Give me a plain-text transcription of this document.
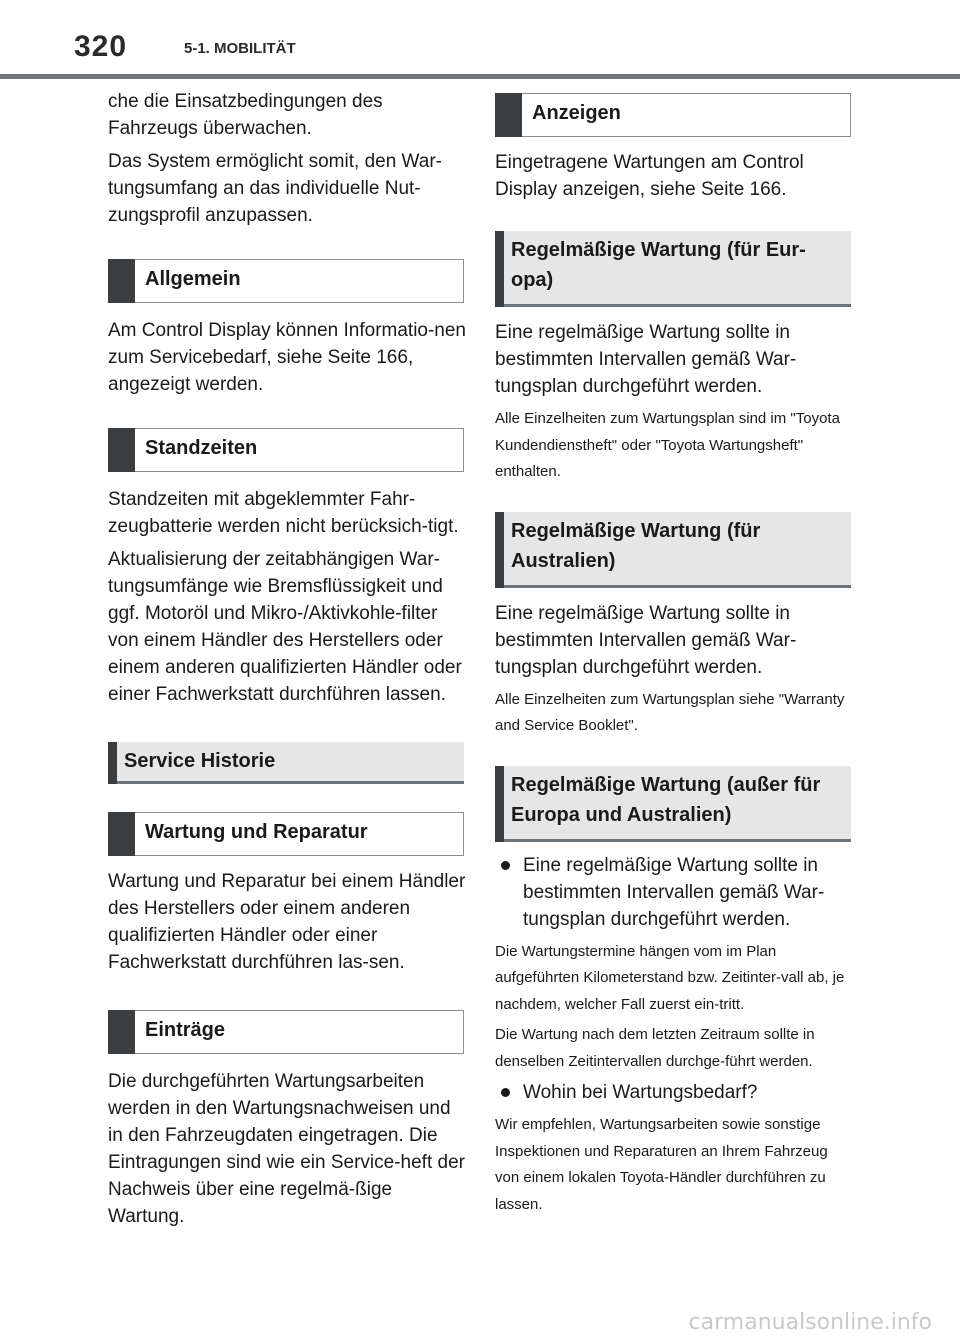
320	5-1. MOBILITÄT

che die Einsatzbedingungen des Fahrzeugs überwachen.

Das System ermöglicht somit, den War-tungsumfang an das individuelle Nut-zungsprofil anzupassen.

Allgemein

Am Control Display können Informatio-nen zum Servicebedarf, siehe Seite 166, angezeigt werden.

Standzeiten

Standzeiten mit abgeklemmter Fahr-zeugbatterie werden nicht berücksich-tigt.

Aktualisierung der zeitabhängigen War-tungsumfänge wie Bremsflüssigkeit und ggf. Motoröl und Mikro-/Aktivkohle-filter von einem Händler des Herstellers oder einem anderen qualifizierten Händler oder einer Fachwerkstatt durchführen lassen.

Service Historie
Wartung und Reparatur

Wartung und Reparatur bei einem Händler des Herstellers oder einem anderen qualifizierten Händler oder einer Fachwerkstatt durchführen las-sen.

Einträge

Die durchgeführten Wartungsarbeiten werden in den Wartungsnachweisen und in den Fahrzeugdaten eingetragen. Die Eintragungen sind wie ein Service-heft der Nachweis über eine regelmä-ßige Wartung.

Anzeigen

Eingetragene Wartungen am Control Display anzeigen, siehe Seite 166.

Regelmäßige Wartung (für Eur-opa)

Eine regelmäßige Wartung sollte in bestimmten Intervallen gemäß War-tungsplan durchgeführt werden.

Alle Einzelheiten zum Wartungsplan sind im "Toyota Kundendienstheft" oder "Toyota Wartungsheft" enthalten.

Regelmäßige Wartung (für Australien)

Eine regelmäßige Wartung sollte in bestimmten Intervallen gemäß War-tungsplan durchgeführt werden.

Alle Einzelheiten zum Wartungsplan siehe "Warranty and Service Booklet".

Regelmäßige Wartung (außer für Europa und Australien)
Eine regelmäßige Wartung sollte in bestimmten Intervallen gemäß War-tungsplan durchgeführt werden.

Die Wartungstermine hängen vom im Plan aufgeführten Kilometerstand bzw. Zeitinter-vall ab, je nachdem, welcher Fall zuerst ein-tritt.

Die Wartung nach dem letzten Zeitraum sollte in denselben Zeitintervallen durchge-führt werden.

Wohin bei Wartungsbedarf?

Wir empfehlen, Wartungsarbeiten sowie sonstige Inspektionen und Reparaturen an Ihrem Fahrzeug von einem lokalen Toyota-Händler durchführen zu lassen.

carmanualsonline.info
